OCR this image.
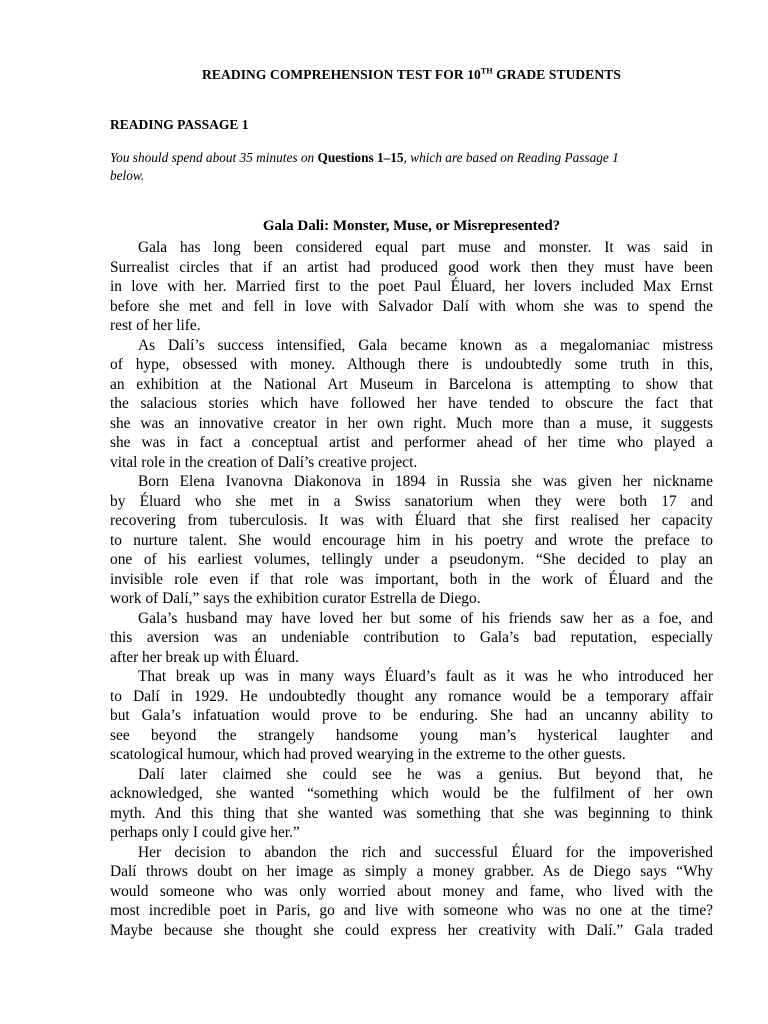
READING COMPREHENSION TEST FOR 10TH GRADE STUDENTS
READING PASSAGE 1
You should spend about 35 minutes on Questions 1–15, which are based on Reading Passage 1
below.
Gala Dali: Monster, Muse, or Misrepresented?
Gala has long been considered equal part muse and monster. It was said in
Surrealist circles that if an artist had produced good work then they must have been
in love with her. Married first to the poet Paul Éluard, her lovers included Max Ernst
before she met and fell in love with Salvador Dalí with whom she was to spend the
rest of her life.
As Dalí’s success intensified, Gala became known as a megalomaniac mistress
of hype, obsessed with money. Although there is undoubtedly some truth in this,
an exhibition at the National Art Museum in Barcelona is attempting to show that
the salacious stories which have followed her have tended to obscure the fact that
she was an innovative creator in her own right. Much more than a muse, it suggests
she was in fact a conceptual artist and performer ahead of her time who played a
vital role in the creation of Dalí’s creative project.
Born Elena Ivanovna Diakonova in 1894 in Russia she was given her nickname
by Éluard who she met in a Swiss sanatorium when they were both 17 and
recovering from tuberculosis. It was with Éluard that she first realised her capacity
to nurture talent. She would encourage him in his poetry and wrote the preface to
one of his earliest volumes, tellingly under a pseudonym. “She decided to play an
invisible role even if that role was important, both in the work of Éluard and the
work of Dalí,” says the exhibition curator Estrella de Diego.
Gala’s husband may have loved her but some of his friends saw her as a foe, and
this aversion was an undeniable contribution to Gala’s bad reputation, especially
after her break up with Éluard.
That break up was in many ways Éluard’s fault as it was he who introduced her
to Dalí in 1929. He undoubtedly thought any romance would be a temporary affair
but Gala’s infatuation would prove to be enduring. She had an uncanny ability to
see beyond the strangely handsome young man’s hysterical laughter and
scatological humour, which had proved wearying in the extreme to the other guests.
Dalí later claimed she could see he was a genius. But beyond that, he
acknowledged, she wanted “something which would be the fulfilment of her own
myth. And this thing that she wanted was something that she was beginning to think
perhaps only I could give her.”
Her decision to abandon the rich and successful Éluard for the impoverished
Dalí throws doubt on her image as simply a money grabber. As de Diego says “Why
would someone who was only worried about money and fame, who lived with the
most incredible poet in Paris, go and live with someone who was no one at the time?
Maybe because she thought she could express her creativity with Dalí.” Gala traded
